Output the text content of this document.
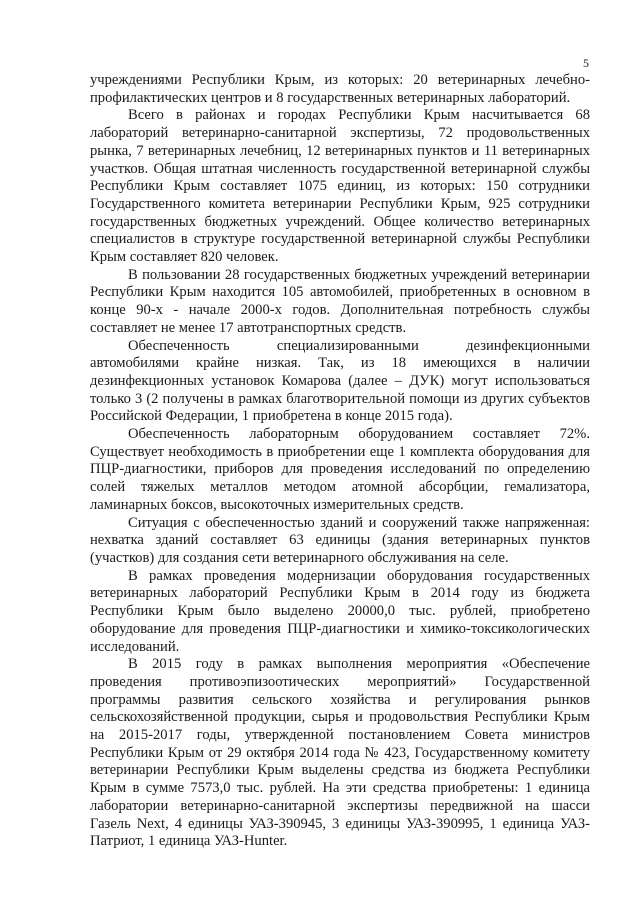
5

учреждениями Республики Крым, из которых: 20 ветеринарных лечебно-профилактических центров и 8 государственных ветеринарных лабораторий.

Всего в районах и городах Республики Крым насчитывается 68 лабораторий ветеринарно-санитарной экспертизы, 72 продовольственных рынка, 7 ветеринарных лечебниц, 12 ветеринарных пунктов и 11 ветеринарных участков. Общая штатная численность государственной ветеринарной службы Республики Крым составляет 1075 единиц, из которых: 150 сотрудники Государственного комитета ветеринарии Республики Крым, 925 сотрудники государственных бюджетных учреждений. Общее количество ветеринарных специалистов в структуре государственной ветеринарной службы Республики Крым составляет 820 человек.

В пользовании 28 государственных бюджетных учреждений ветеринарии Республики Крым находится 105 автомобилей, приобретенных в основном в конце 90-х - начале 2000-х годов. Дополнительная потребность службы составляет не менее 17 автотранспортных средств.

Обеспеченность специализированными дезинфекционными автомобилями крайне низкая. Так, из 18 имеющихся в наличии дезинфекционных установок Комарова (далее – ДУК) могут использоваться только 3 (2 получены в рамках благотворительной помощи из других субъектов Российской Федерации, 1 приобретена в конце 2015 года).

Обеспеченность лабораторным оборудованием составляет 72%. Существует необходимость в приобретении еще 1 комплекта оборудования для ПЦР-диагностики, приборов для проведения исследований по определению солей тяжелых металлов методом атомной абсорбции, гемализатора, ламинарных боксов, высокоточных измерительных средств.

Ситуация с обеспеченностью зданий и сооружений также напряженная: нехватка зданий составляет 63 единицы (здания ветеринарных пунктов (участков) для создания сети ветеринарного обслуживания на селе.

В рамках проведения модернизации оборудования государственных ветеринарных лабораторий Республики Крым в 2014 году из бюджета Республики Крым было выделено 20000,0 тыс. рублей, приобретено оборудование для проведения ПЦР-диагностики и химико-токсикологических исследований.

В 2015 году в рамках выполнения мероприятия «Обеспечение проведения противоэпизоотических мероприятий» Государственной программы развития сельского хозяйства и регулирования рынков сельскохозяйственной продукции, сырья и продовольствия Республики Крым на 2015-2017 годы, утвержденной постановлением Совета министров Республики Крым от 29 октября 2014 года № 423, Государственному комитету ветеринарии Республики Крым выделены средства из бюджета Республики Крым в сумме 7573,0 тыс. рублей. На эти средства приобретены: 1 единица лаборатории ветеринарно-санитарной экспертизы передвижной на шасси Газель Next, 4 единицы УАЗ-390945, 3 единицы УАЗ-390995, 1 единица УАЗ-Патриот, 1 единица УАЗ-Hunter.
